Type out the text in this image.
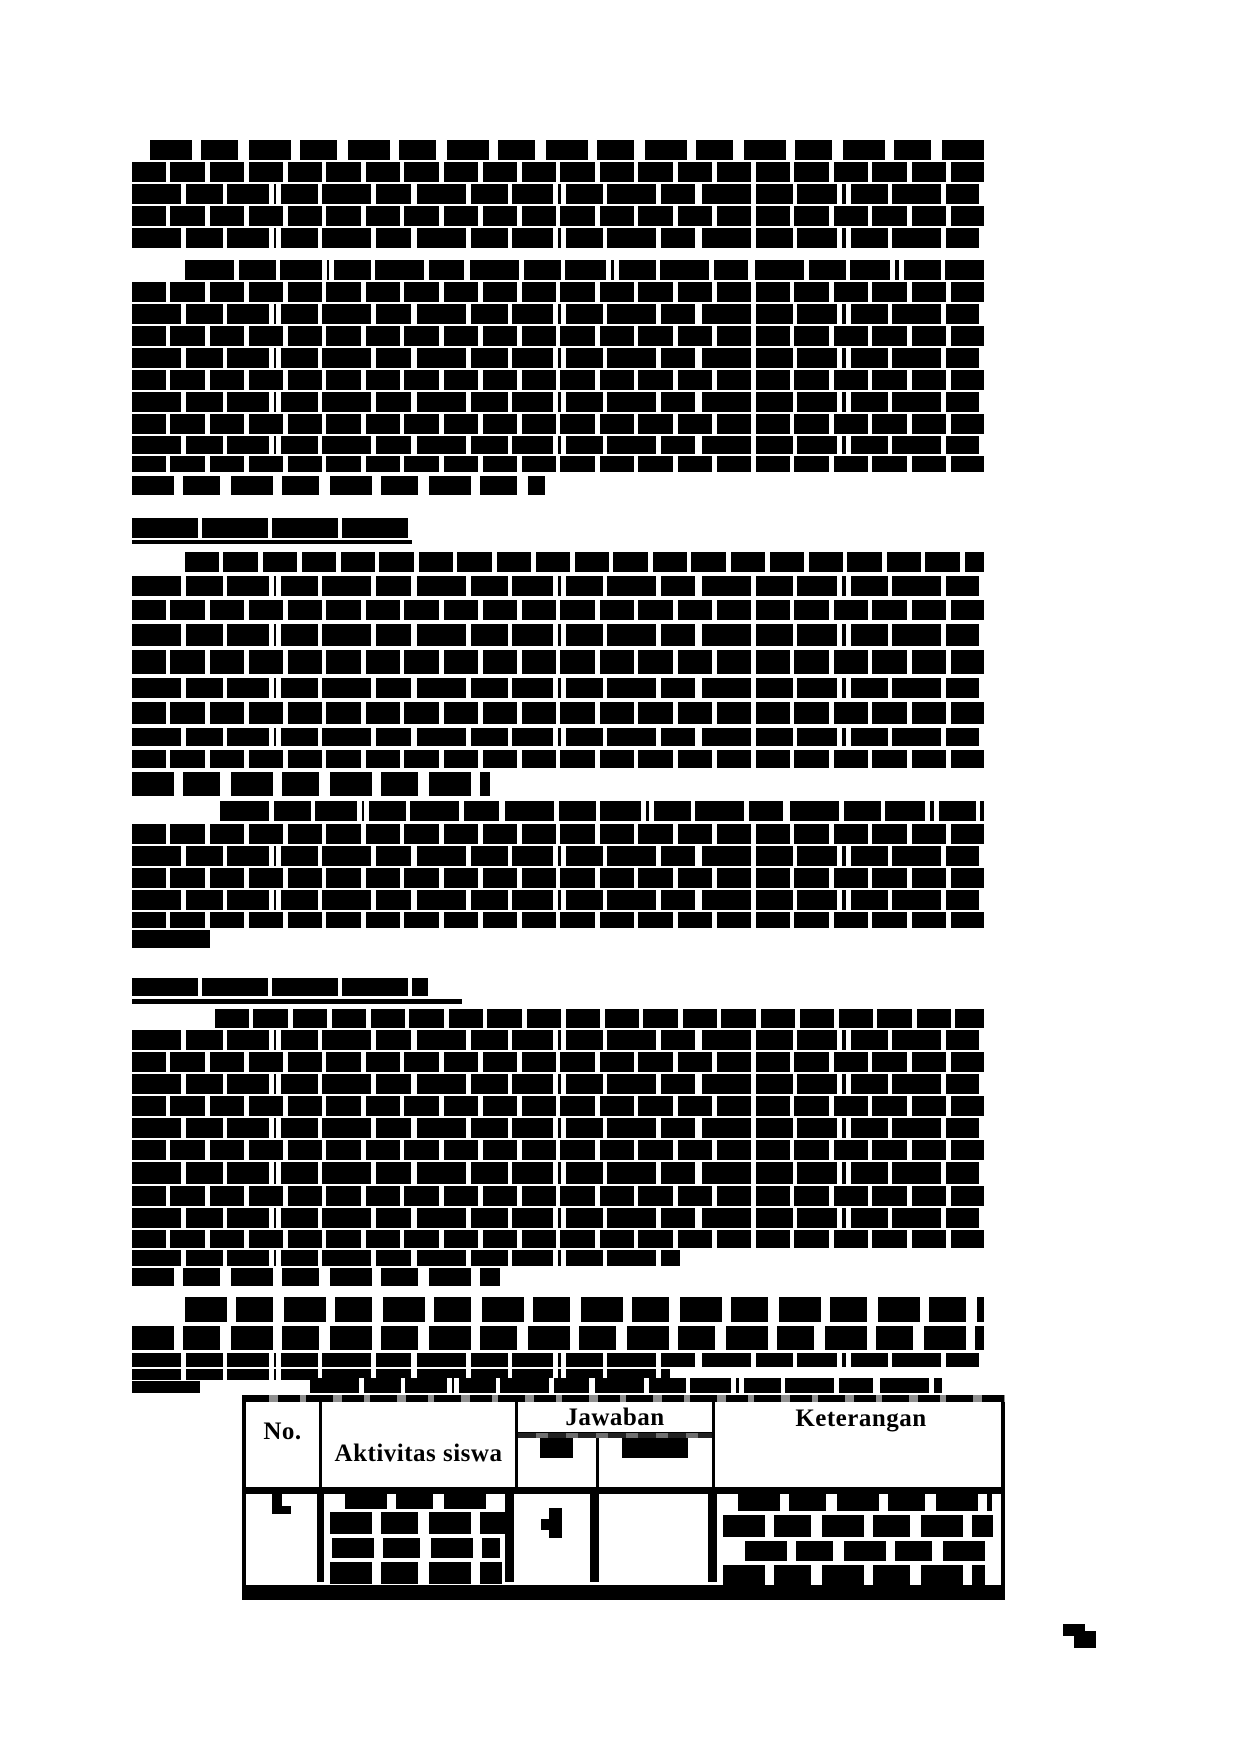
No.
Aktivitas siswa
Jawaban	Keterangan
